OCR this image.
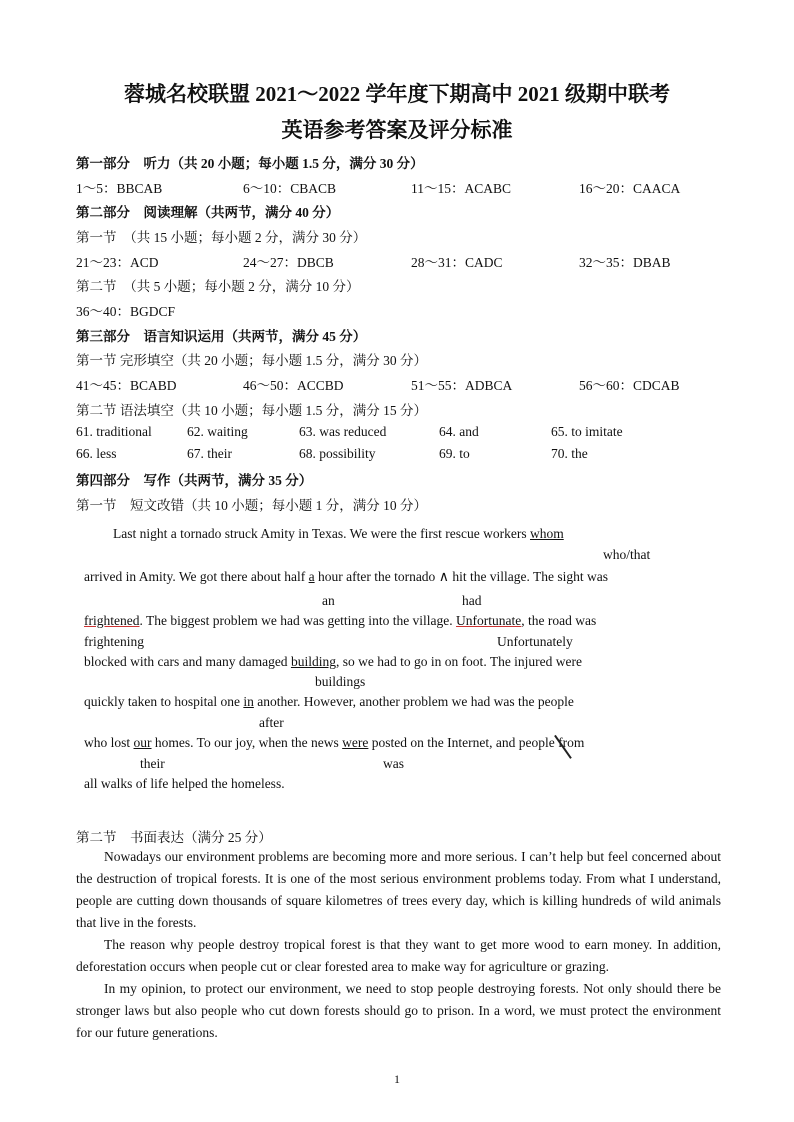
蓉城名校联盟 2021～2022 学年度下期高中 2021 级期中联考
英语参考答案及评分标准
第一部分　听力（共 20 小题；每小题 1.5 分，满分 30 分）
1～5：BBCAB	6～10：CBACB	11～15：ACABC	16～20：CAACA
第二部分　阅读理解（共两节，满分 40 分）
第一节　（共 15 小题；每小题 2 分，满分 30 分）
21～23：ACD	24～27：DBCB	28～31：CADC	32～35：DBAB
第二节　（共 5 小题；每小题 2 分，满分 10 分）
36～40：BGDCF
第三部分　语言知识运用（共两节，满分 45 分）
第一节 完形填空（共 20 小题；每小题 1.5 分，满分 30 分）
41～45：BCABD	46～50：ACCBD	51～55：ADBCA	56～60：CDCAB
第二节 语法填空（共 10 小题；每小题 1.5 分，满分 15 分）
61. traditional	62. waiting	63. was reduced	64. and	65. to imitate
66. less	67. their	68. possibility	69. to	70. the
第四部分　写作（共两节，满分 35 分）
第一节　短文改错（共 10 小题；每小题 1 分，满分 10 分）
Last night a tornado struck Amity in Texas. We were the first rescue workers whom
who/that
arrived in Amity. We got there about half a hour after the tornado ∧ hit the village. The sight was
an	had
frightened. The biggest problem we had was getting into the village. Unfortunate, the road was
frightening	Unfortunately
blocked with cars and many damaged building, so we had to go in on foot. The injured were
buildings
quickly taken to hospital one in another. However, another problem we had was the people
after
who lost our homes. To our joy, when the news were posted on the Internet, and people from
their	was
all walks of life helped the homeless.
第二节　书面表达（满分 25 分）
Nowadays our environment problems are becoming more and more serious. I can’t help but feel concerned about the destruction of tropical forests. It is one of the most serious environment problems today. From what I understand, people are cutting down thousands of square kilometres of trees every day, which is killing hundreds of wild animals that live in the forests.
The reason why people destroy tropical forest is that they want to get more wood to earn money. In addition, deforestation occurs when people cut or clear forested area to make way for agriculture or grazing.
In my opinion, to protect our environment, we need to stop people destroying forests. Not only should there be stronger laws but also people who cut down forests should go to prison. In a word, we must protect the environment for our future generations.
1
